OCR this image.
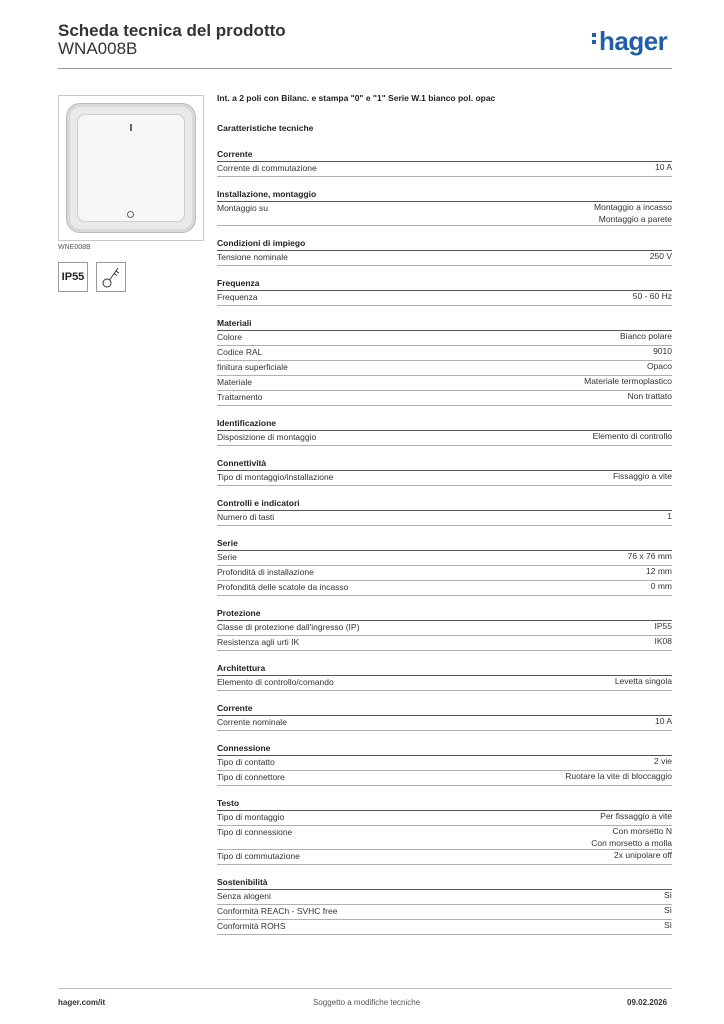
Scheda tecnica del prodotto
WNA008B	hager
WNE008B
IP55
Int. a 2 poli con Bilanc. e stampa "0" e "1" Serie W.1 bianco pol. opac
Caratteristiche tecniche
Corrente
Corrente di commutazione	10 A
Installazione, montaggio
Montaggio su	Montaggio a incasso
Montaggio a parete
Condizioni di impiego
Tensione nominale	250 V
Frequenza
Frequenza	50 - 60 Hz
Materiali
Colore	Bianco polare
Codice RAL	9010
finitura superficiale	Opaco
Materiale	Materiale termoplastico
Trattamento	Non trattato
Identificazione
Disposizione di montaggio	Elemento di controllo
Connettività
Tipo di montaggio/installazione	Fissaggio a vite
Controlli e indicatori
Numero di tasti	1
Serie
Serie	76 x 76 mm
Profondità di installazione	12 mm
Profondità delle scatole da incasso	0 mm
Protezione
Classe di protezione dall'ingresso (IP)	IP55
Resistenza agli urti IK	IK08
Architettura
Elemento di controllo/comando	Levetta singola
Corrente
Corrente nominale	10 A
Connessione
Tipo di contatto	2 vie
Tipo di connettore	Ruotare la vite di bloccaggio
Testo
Tipo di montaggio	Per fissaggio a vite
Tipo di connessione	Con morsetto N
Con morsetto a molla
Tipo di commutazione	2x unipolare off
Sostenibilità
Senza alogeni	Sì
Conformità REACh - SVHC free	Sì
Conformità ROHS	Sì
hager.com/it	Soggetto a modifiche tecniche	09.02.2026
